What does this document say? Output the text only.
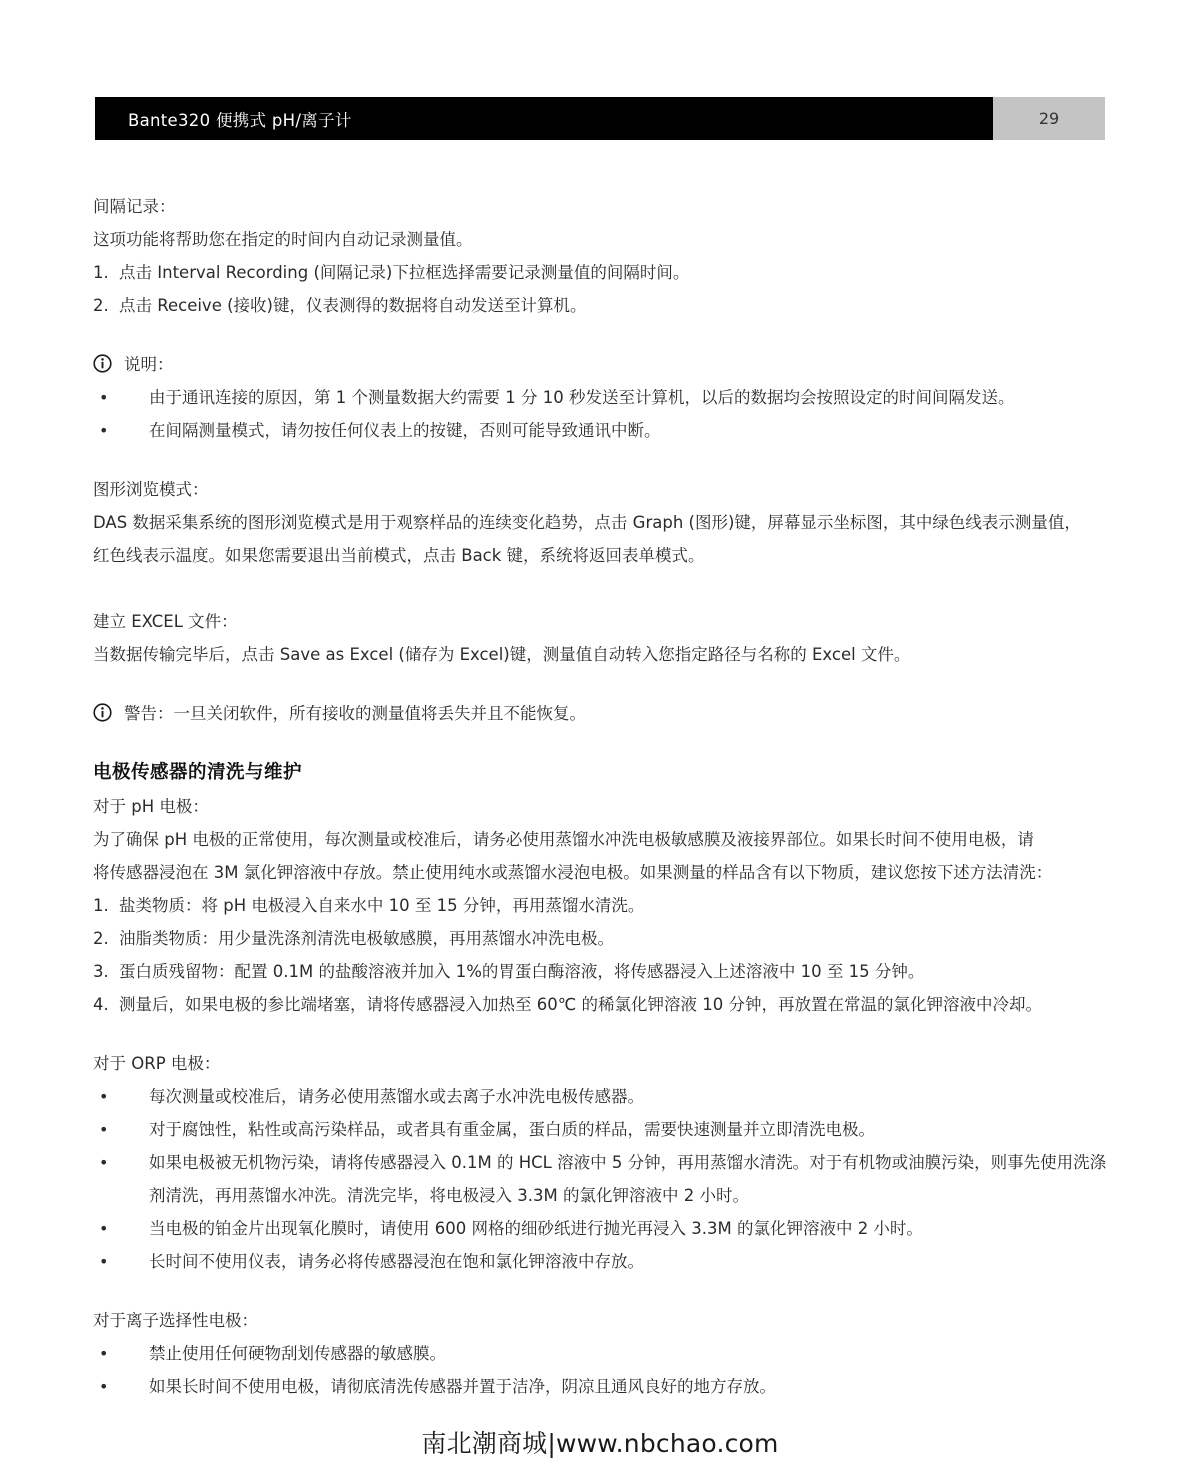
Bante320 便携式 pH/离子计	29
间隔记录：
这项功能将帮助您在指定的时间内自动记录测量值。
1. 点击 Interval Recording (间隔记录)下拉框选择需要记录测量值的间隔时间。
2. 点击 Receive (接收)键，仪表测得的数据将自动发送至计算机。
说明：
• 由于通讯连接的原因，第 1 个测量数据大约需要 1 分 10 秒发送至计算机，以后的数据均会按照设定的时间间隔发送。
• 在间隔测量模式，请勿按任何仪表上的按键，否则可能导致通讯中断。
图形浏览模式：
DAS 数据采集系统的图形浏览模式是用于观察样品的连续变化趋势，点击 Graph (图形)键，屏幕显示坐标图，其中绿色线表示测量值，
红色线表示温度。如果您需要退出当前模式，点击 Back 键，系统将返回表单模式。
建立 EXCEL 文件：
当数据传输完毕后，点击 Save as Excel (储存为 Excel)键，测量值自动转入您指定路径与名称的 Excel 文件。
警告：一旦关闭软件，所有接收的测量值将丢失并且不能恢复。
电极传感器的清洗与维护
对于 pH 电极：
为了确保 pH 电极的正常使用，每次测量或校准后，请务必使用蒸馏水冲洗电极敏感膜及液接界部位。如果长时间不使用电极，请
将传感器浸泡在 3M 氯化钾溶液中存放。禁止使用纯水或蒸馏水浸泡电极。如果测量的样品含有以下物质，建议您按下述方法清洗：
1. 盐类物质：将 pH 电极浸入自来水中 10 至 15 分钟，再用蒸馏水清洗。
2. 油脂类物质：用少量洗涤剂清洗电极敏感膜，再用蒸馏水冲洗电极。
3. 蛋白质残留物：配置 0.1M 的盐酸溶液并加入 1%的胃蛋白酶溶液，将传感器浸入上述溶液中 10 至 15 分钟。
4. 测量后，如果电极的参比端堵塞，请将传感器浸入加热至 60℃ 的稀氯化钾溶液 10 分钟，再放置在常温的氯化钾溶液中冷却。
对于 ORP 电极：
• 每次测量或校准后，请务必使用蒸馏水或去离子水冲洗电极传感器。
• 对于腐蚀性，粘性或高污染样品，或者具有重金属，蛋白质的样品，需要快速测量并立即清洗电极。
• 如果电极被无机物污染，请将传感器浸入 0.1M 的 HCL 溶液中 5 分钟，再用蒸馏水清洗。对于有机物或油膜污染，则事先使用洗涤剂清洗，再用蒸馏水冲洗。清洗完毕，将电极浸入 3.3M 的氯化钾溶液中 2 小时。
• 当电极的铂金片出现氧化膜时，请使用 600 网格的细砂纸进行抛光再浸入 3.3M 的氯化钾溶液中 2 小时。
• 长时间不使用仪表，请务必将传感器浸泡在饱和氯化钾溶液中存放。
对于离子选择性电极：
• 禁止使用任何硬物刮划传感器的敏感膜。
• 如果长时间不使用电极，请彻底清洗传感器并置于洁净，阴凉且通风良好的地方存放。
南北潮商城|www.nbchao.com
